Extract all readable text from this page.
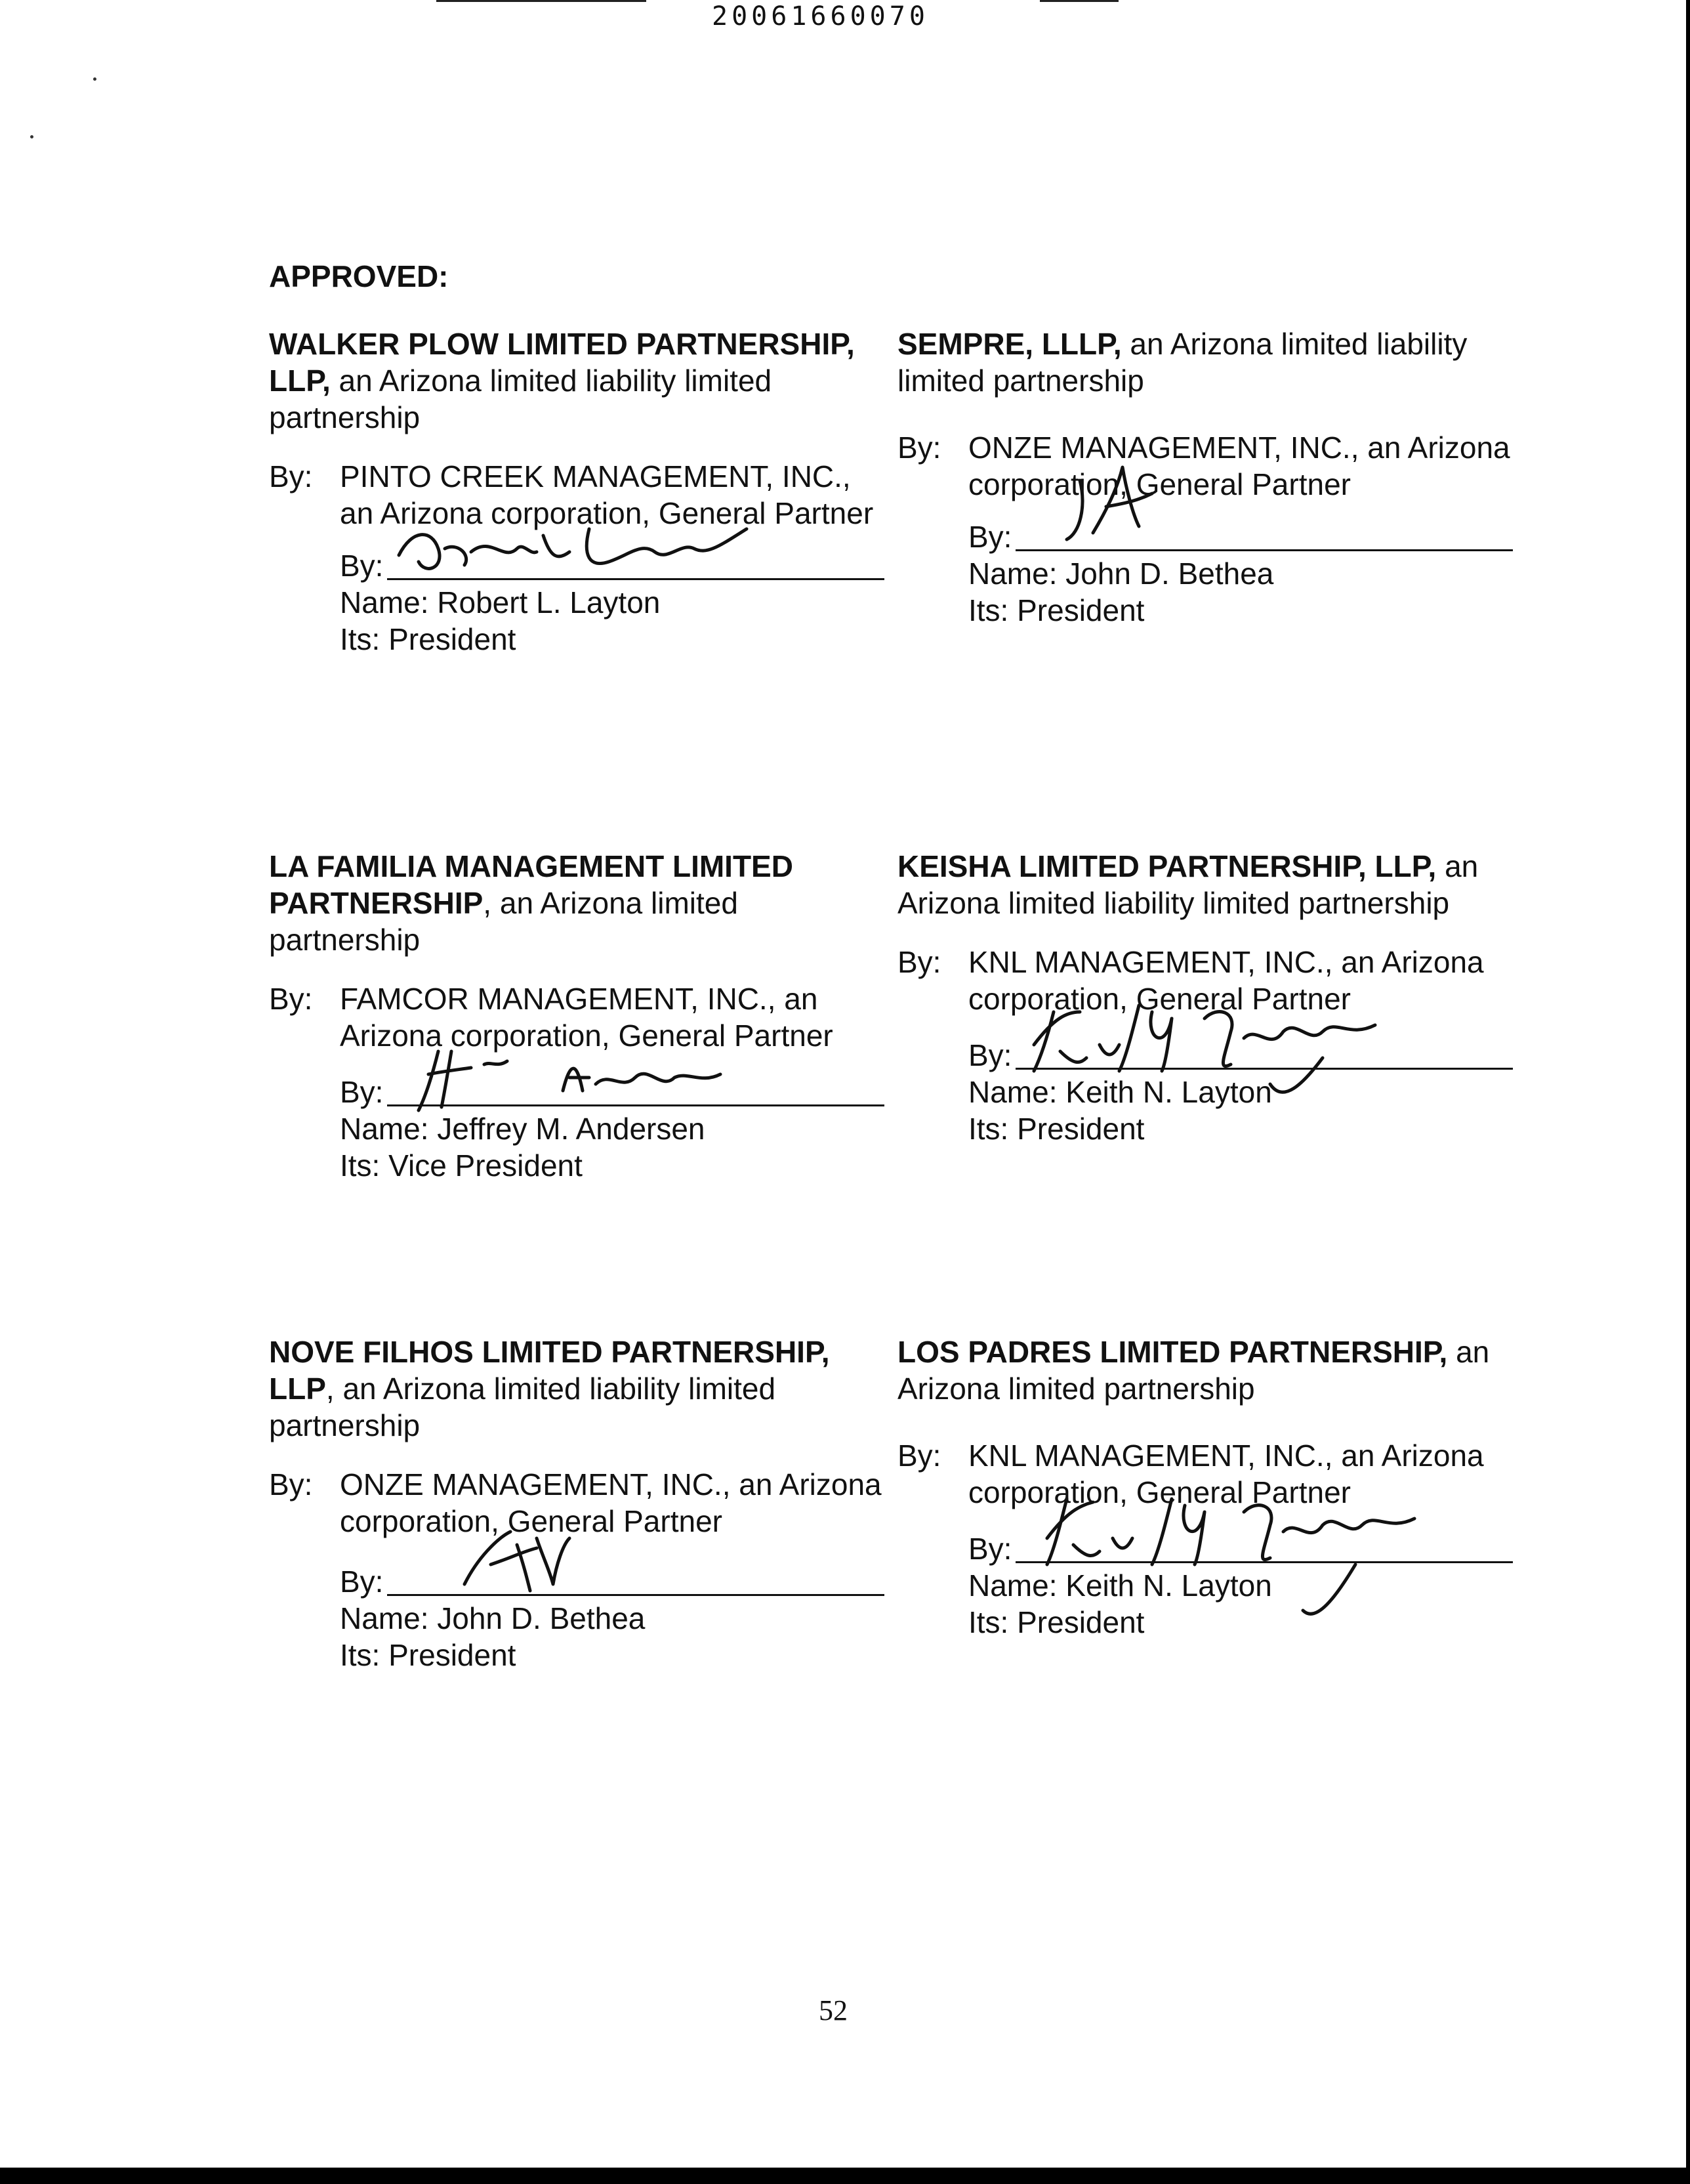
20061660070
APPROVED:
WALKER PLOW LIMITED PARTNERSHIP, LLP, an Arizona limited liability limited partnership
By: PINTO CREEK MANAGEMENT, INC., an Arizona corporation, General Partner
By:
Name: Robert L. Layton
Its: President
SEMPRE, LLLP, an Arizona limited liability limited partnership
By: ONZE MANAGEMENT, INC., an Arizona corporation, General Partner
By:
Name: John D. Bethea
Its: President
LA FAMILIA MANAGEMENT LIMITED PARTNERSHIP, an Arizona limited partnership
By: FAMCOR MANAGEMENT, INC., an Arizona corporation, General Partner
By:
Name: Jeffrey M. Andersen
Its: Vice President
KEISHA LIMITED PARTNERSHIP, LLP, an Arizona limited liability limited partnership
By: KNL MANAGEMENT, INC., an Arizona corporation, General Partner
By:
Name: Keith N. Layton
Its: President
NOVE FILHOS LIMITED PARTNERSHIP, LLP, an Arizona limited liability limited partnership
By: ONZE MANAGEMENT, INC., an Arizona corporation, General Partner
By:
Name: John D. Bethea
Its: President
LOS PADRES LIMITED PARTNERSHIP, an Arizona limited partnership
By: KNL MANAGEMENT, INC., an Arizona corporation, General Partner
By:
Name: Keith N. Layton
Its: President
52
